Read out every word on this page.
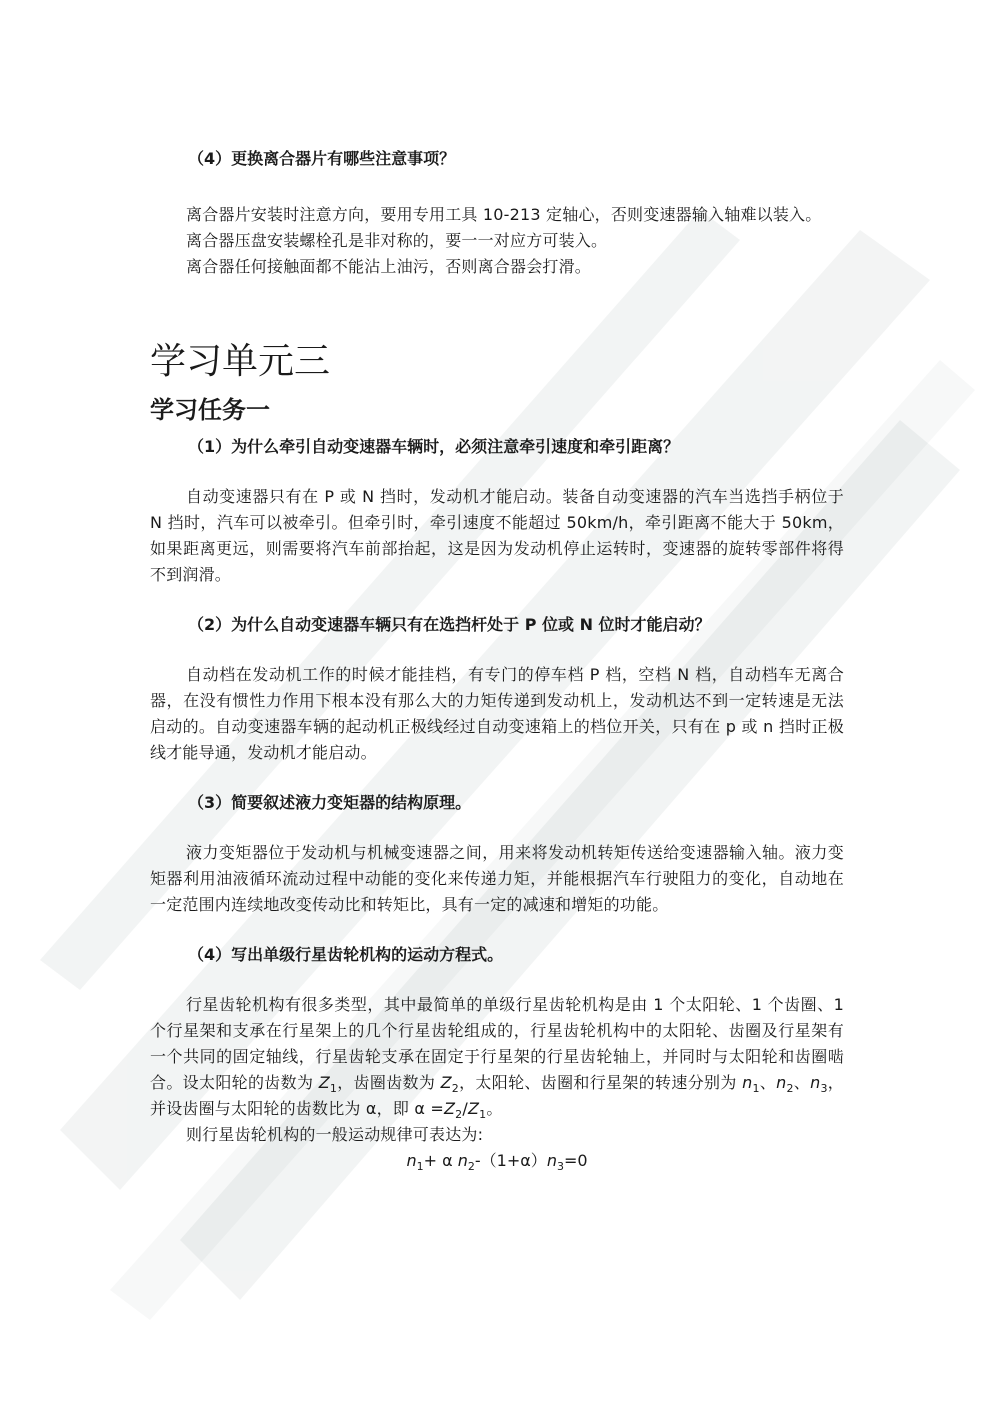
（4）更换离合器片有哪些注意事项？

离合器片安装时注意方向，要用专用工具 10-213 定轴心，否则变速器输入轴难以装入。

离合器压盘安装螺栓孔是非对称的，要一一对应方可装入。

离合器任何接触面都不能沾上油污，否则离合器会打滑。

学习单元三
学习任务一
（1）为什么牵引自动变速器车辆时，必须注意牵引速度和牵引距离？

自动变速器只有在 P 或 N 挡时，发动机才能启动。装备自动变速器的汽车当选挡手柄位于 N 挡时，汽车可以被牵引。但牵引时，牵引速度不能超过 50km/h，牵引距离不能大于 50km，如果距离更远，则需要将汽车前部抬起，这是因为发动机停止运转时，变速器的旋转零部件将得不到润滑。

（2）为什么自动变速器车辆只有在选挡杆处于 P 位或 N 位时才能启动？

自动档在发动机工作的时候才能挂档，有专门的停车档 P 档，空档 N 档，自动档车无离合器，在没有惯性力作用下根本没有那么大的力矩传递到发动机上，发动机达不到一定转速是无法启动的。自动变速器车辆的起动机正极线经过自动变速箱上的档位开关，只有在 p 或 n 挡时正极线才能导通，发动机才能启动。

（3）简要叙述液力变矩器的结构原理。

液力变矩器位于发动机与机械变速器之间，用来将发动机转矩传送给变速器输入轴。液力变矩器利用油液循环流动过程中动能的变化来传递力矩，并能根据汽车行驶阻力的变化，自动地在一定范围内连续地改变传动比和转矩比，具有一定的减速和增矩的功能。

（4）写出单级行星齿轮机构的运动方程式。

行星齿轮机构有很多类型，其中最简单的单级行星齿轮机构是由 1 个太阳轮、1 个齿圈、1 个行星架和支承在行星架上的几个行星齿轮组成的，行星齿轮机构中的太阳轮、齿圈及行星架有一个共同的固定轴线，行星齿轮支承在固定于行星架的行星齿轮轴上，并同时与太阳轮和齿圈啮合。设太阳轮的齿数为 $Z_1$，齿圈齿数为 $Z_2$，太阳轮、齿圈和行星架的转速分别为 $n_1$、$n_2$、$n_3$，并设齿圈与太阳轮的齿数比为 α，即 $\alpha =Z_2/Z_1$。

则行星齿轮机构的一般运动规律可表达为:

$n_1+ \alpha$ $n_2-(1+\alpha)n_3=0$
